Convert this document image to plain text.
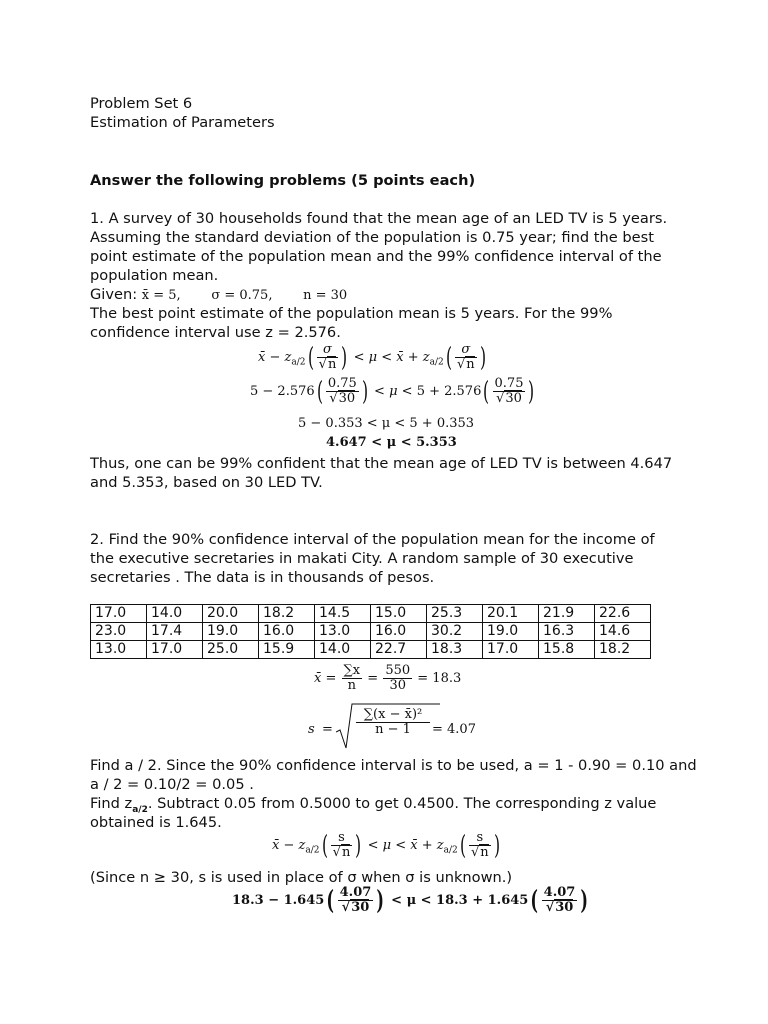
Problem Set 6
Estimation of Parameters
Answer the following problems (5 points each)
1. A survey of 30 households found that the mean age of an LED TV is 5 years.
Assuming the standard deviation of the population is 0.75 year; find the best
point estimate of the population mean and the 99% confidence interval of the
population mean.
Given: x̄ = 5, σ = 0.75, n = 30
The best point estimate of the population mean is 5 years. For the 99%
confidence interval use z = 2.576.
x̄ − $z_{a/2}( \frac{\sigma}{√n}$ ) < μ < x̄ + $z_{a/2}( \frac{\sigma}{√n}$ )
$5 - 2.576( \frac{0.75}{√30}$ ) < $\mu < 5 + 2.576( \frac{0.75}{√30}$ )
5 − 0.353 < μ < 5 + 0.353
4.647 < μ < 5.353
Thus, one can be 99% confident that the mean age of LED TV is between 4.647
and 5.353, based on 30 LED TV.
2. Find the 90% confidence interval of the population mean for the income of
the executive secretaries in makati City. A random sample of 30 executive
secretaries . The data is in thousands of pesos.
17.0	14.0	20.0	18.2	14.5	15.0	25.3	20.1	21.9	22.6
23.0	17.4	19.0	16.0	13.0	16.0	30.2	19.0	16.3	14.6
13.0	17.0	25.0	15.9	14.0	22.7	18.3	17.0	15.8	18.2
x̄ = $\frac{\sum x}{n} = \frac{550}{30} = 18.3$
$s = \frac{\text{∑(x − x̄)²}}{n - 1} = 4.07$
Find a / 2. Since the 90% confidence interval is to be used, a = 1 - 0.90 = 0.10 and
a / 2 = 0.10/2 = 0.05 .
Find $z_{a/2}$. Subtract 0.05 from 0.5000 to get 0.4500. The corresponding z value
obtained is 1.645.
x̄ − $z_{a/2}( \frac{s}{√n}$ ) < μ < x̄ + $z_{a/2}( \frac{s}{√n}$ )
(Since n ≥ 30, s is used in place of σ when σ is unknown.)
$18.3 - 1.645( \frac{4.07}{√30}$ ) < $\mu < 18.3 + 1.645( \frac{4.07}{√30}$ )
